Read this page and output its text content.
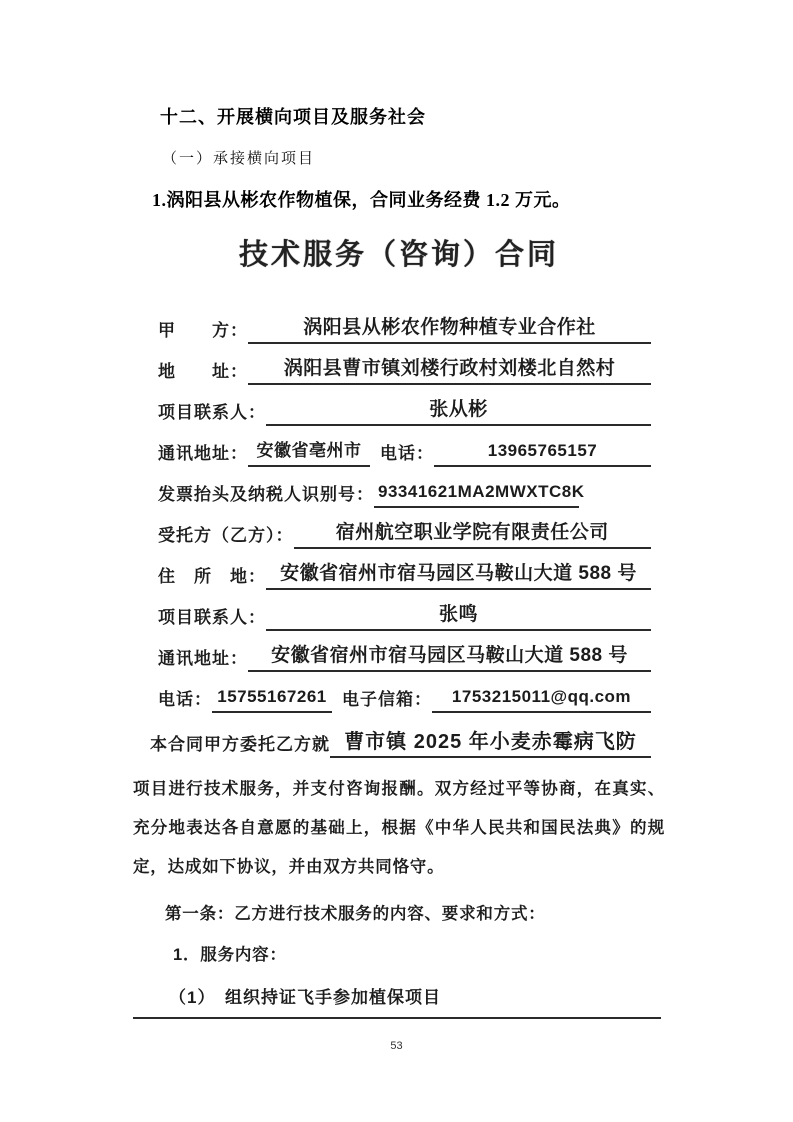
十二、开展横向项目及服务社会
（一）承接横向项目
1.涡阳县从彬农作物植保，合同业务经费 1.2 万元。
技术服务（咨询）合同
甲　　方：	涡阳县从彬农作物种植专业合作社
地　　址：	涡阳县曹市镇刘楼行政村刘楼北自然村
项目联系人：	张从彬
通讯地址： 安徽省亳州市	电话：	13965765157
发票抬头及纳税人识别号： 93341621MA2MWXTC8K
受托方（乙方）：	宿州航空职业学院有限责任公司
住　所　地： 安徽省宿州市宿马园区马鞍山大道 588 号
项目联系人：	张鸣
通讯地址：	安徽省宿州市宿马园区马鞍山大道 588 号
电话： 15755167261 电子信箱：	1753215011@qq.com
本合同甲方委托乙方就 曹市镇 2025 年小麦赤霉病飞防
项目进行技术服务，并支付咨询报酬。双方经过平等协商，在真实、充分地表达各自意愿的基础上，根据《中华人民共和国民法典》的规定，达成如下协议，并由双方共同恪守。
第一条：乙方进行技术服务的内容、要求和方式：
1．服务内容：
（1）　组织持证飞手参加植保项目
53
